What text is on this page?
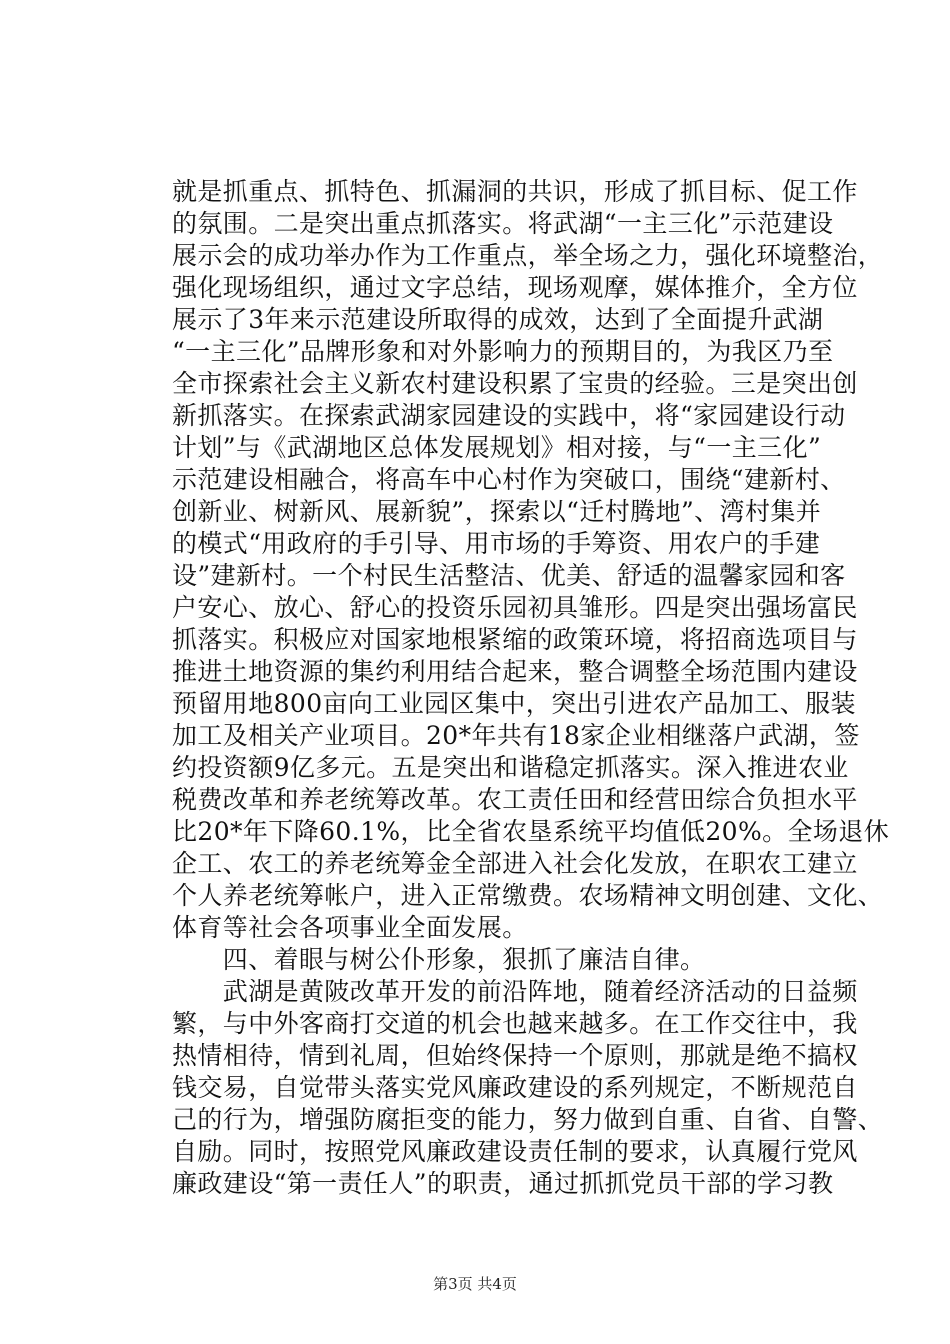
就是抓重点、抓特色、抓漏洞的共识，形成了抓目标、促工作
的氛围。二是突出重点抓落实。将武湖“一主三化”示范建设
展示会的成功举办作为工作重点，举全场之力，强化环境整治，
强化现场组织，通过文字总结，现场观摩，媒体推介，全方位
展示了3年来示范建设所取得的成效，达到了全面提升武湖
“一主三化”品牌形象和对外影响力的预期目的，为我区乃至
全市探索社会主义新农村建设积累了宝贵的经验。三是突出创
新抓落实。在探索武湖家园建设的实践中，将“家园建设行动
计划”与《武湖地区总体发展规划》相对接，与“一主三化”
示范建设相融合，将高车中心村作为突破口，围绕“建新村、
创新业、树新风、展新貌”，探索以“迁村腾地”、湾村集并
的模式“用政府的手引导、用市场的手筹资、用农户的手建
设”建新村。一个村民生活整洁、优美、舒适的温馨家园和客
户安心、放心、舒心的投资乐园初具雏形。四是突出强场富民
抓落实。积极应对国家地根紧缩的政策环境，将招商选项目与
推进土地资源的集约利用结合起来，整合调整全场范围内建设
预留用地800亩向工业园区集中，突出引进农产品加工、服装
加工及相关产业项目。20*年共有18家企业相继落户武湖，签
约投资额9亿多元。五是突出和谐稳定抓落实。深入推进农业
税费改革和养老统筹改革。农工责任田和经营田综合负担水平
比20*年下降60.1%，比全省农垦系统平均值低20%。全场退休
企工、农工的养老统筹金全部进入社会化发放，在职农工建立
个人养老统筹帐户，进入正常缴费。农场精神文明创建、文化、
体育等社会各项事业全面发展。
　　四、着眼与树公仆形象，狠抓了廉洁自律。
　　武湖是黄陂改革开发的前沿阵地，随着经济活动的日益频
繁，与中外客商打交道的机会也越来越多。在工作交往中，我
热情相待，情到礼周，但始终保持一个原则，那就是绝不搞权
钱交易，自觉带头落实党风廉政建设的系列规定，不断规范自
己的行为，增强防腐拒变的能力，努力做到自重、自省、自警、
自励。同时，按照党风廉政建设责任制的要求，认真履行党风
廉政建设“第一责任人”的职责，通过抓抓党员干部的学习教
第3页 共4页
